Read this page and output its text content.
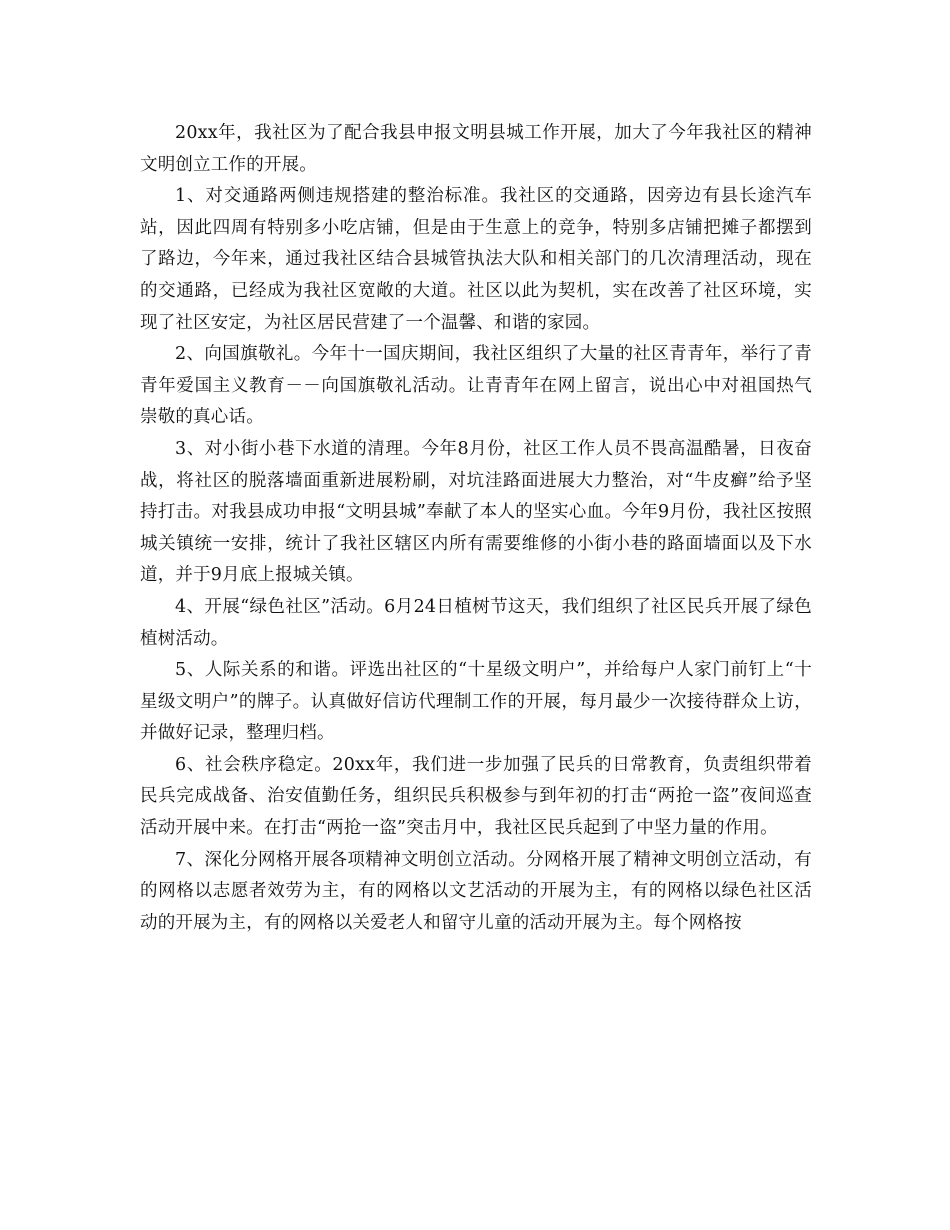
20xx年，我社区为了配合我县申报文明县城工作开展，加大了今年我社区的精神文明创立工作的开展。

1、对交通路两侧违规搭建的整治标准。我社区的交通路，因旁边有县长途汽车站，因此四周有特别多小吃店铺，但是由于生意上的竞争，特别多店铺把摊子都摆到了路边，今年来，通过我社区结合县城管执法大队和相关部门的几次清理活动，现在的交通路，已经成为我社区宽敞的大道。社区以此为契机，实在改善了社区环境，实现了社区安定，为社区居民营建了一个温馨、和谐的家园。

2、向国旗敬礼。今年十一国庆期间，我社区组织了大量的社区青青年，举行了青青年爱国主义教育－－向国旗敬礼活动。让青青年在网上留言，说出心中对祖国热气崇敬的真心话。

3、对小街小巷下水道的清理。今年8月份，社区工作人员不畏高温酷暑，日夜奋战，将社区的脱落墙面重新进展粉刷，对坑洼路面进展大力整治，对“牛皮癣”给予坚持打击。对我县成功申报“文明县城”奉献了本人的坚实心血。今年9月份，我社区按照城关镇统一安排，统计了我社区辖区内所有需要维修的小街小巷的路面墙面以及下水道，并于9月底上报城关镇。

4、开展“绿色社区”活动。6月24日植树节这天，我们组织了社区民兵开展了绿色植树活动。

5、人际关系的和谐。评选出社区的“十星级文明户”，并给每户人家门前钉上“十星级文明户”的牌子。认真做好信访代理制工作的开展，每月最少一次接待群众上访，并做好记录，整理归档。

6、社会秩序稳定。20xx年，我们进一步加强了民兵的日常教育，负责组织带着民兵完成战备、治安值勤任务，组织民兵积极参与到年初的打击“两抢一盗”夜间巡查活动开展中来。在打击“两抢一盗”突击月中，我社区民兵起到了中坚力量的作用。

7、深化分网格开展各项精神文明创立活动。分网格开展了精神文明创立活动，有的网格以志愿者效劳为主，有的网格以文艺活动的开展为主，有的网格以绿色社区活动的开展为主，有的网格以关爱老人和留守儿童的活动开展为主。每个网格按
